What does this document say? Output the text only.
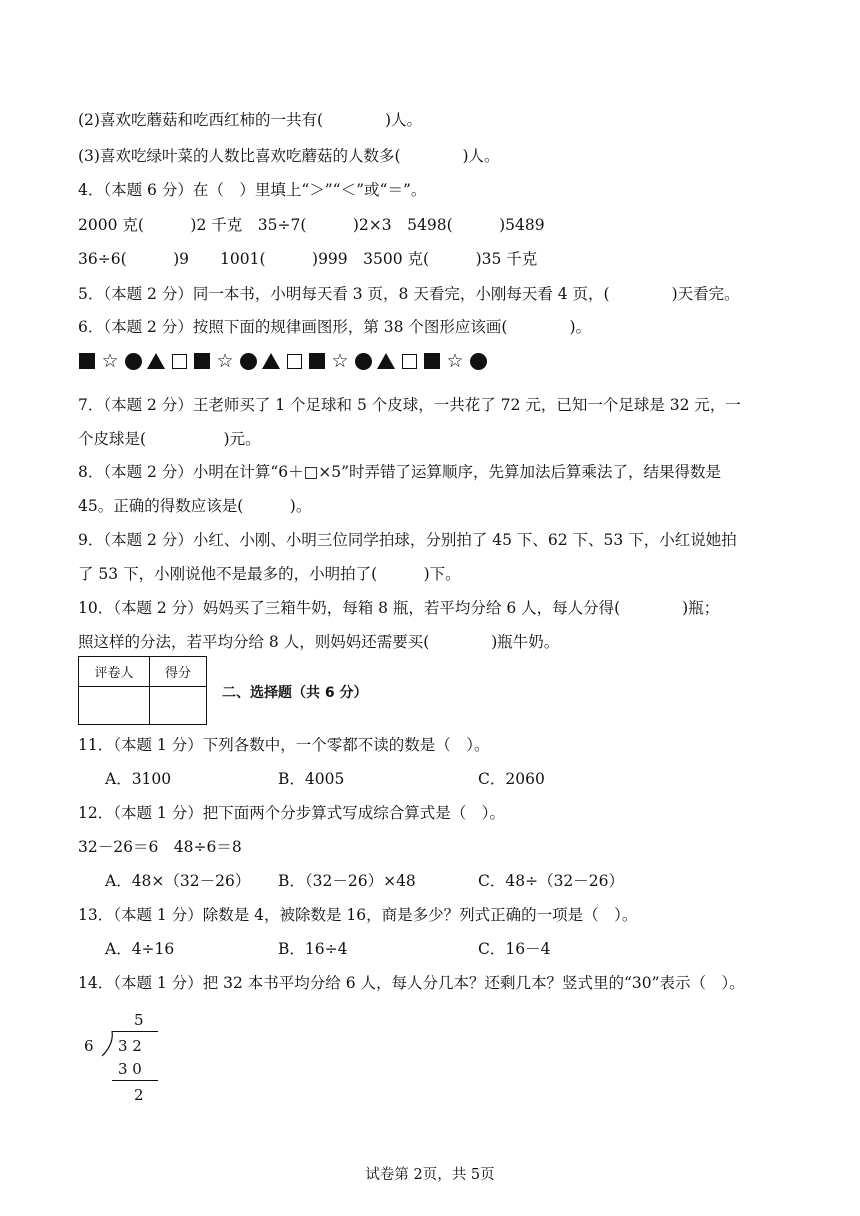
(2)喜欢吃蘑菇和吃西红柿的一共有(　　　　)人。
(3)喜欢吃绿叶菜的人数比喜欢吃蘑菇的人数多(　　　　)人。
4．（本题 6 分）在（　）里填上“＞”“＜”或“＝”。
2000 克(　　　)2 千克　35÷7(　　　)2×3　5498(　　　)5489
36÷6(　　　)9　　1001(　　　)999　3500 克(　　　)35 千克
5．（本题 2 分）同一本书，小明每天看 3 页，8 天看完，小刚每天看 4 页，(　　　　)天看完。
6．（本题 2 分）按照下面的规律画图形，第 38 个图形应该画(　　　　)。
☆	☆	☆	☆
7．（本题 2 分）王老师买了 1 个足球和 5 个皮球，一共花了 72 元，已知一个足球是 32 元，一
个皮球是(　　　　　)元。
8．（本题 2 分）小明在计算“6＋□×5”时弄错了运算顺序，先算加法后算乘法了，结果得数是
45。正确的得数应该是(　　　)。
9．（本题 2 分）小红、小刚、小明三位同学拍球，分别拍了 45 下、62 下、53 下，小红说她拍
了 53 下，小刚说他不是最多的，小明拍了(　　　)下。
10．（本题 2 分）妈妈买了三箱牛奶，每箱 8 瓶，若平均分给 6 人，每人分得(　　　　)瓶；
照这样的分法，若平均分给 8 人，则妈妈还需要买(　　　　)瓶牛奶。
评卷人	得分

二、选择题（共 6 分）
11．（本题 1 分）下列各数中，一个零都不读的数是（　）。
A．3100	B．4005	C．2060
12．（本题 1 分）把下面两个分步算式写成综合算式是（　）。
32－26＝6　48÷6＝8
A．48×（32－26） B．（32－26）×48	C．48÷（32－26）
13．（本题 1 分）除数是 4，被除数是 16，商是多少？列式正确的一项是（　）。
A．4÷16	B．16÷4	C．16－4
14．（本题 1 分）把 32 本书平均分给 6 人，每人分几本？还剩几本？竖式里的“30”表示（　）。
5
6 3 2
3 0
2
试卷第 2页，共 5页
